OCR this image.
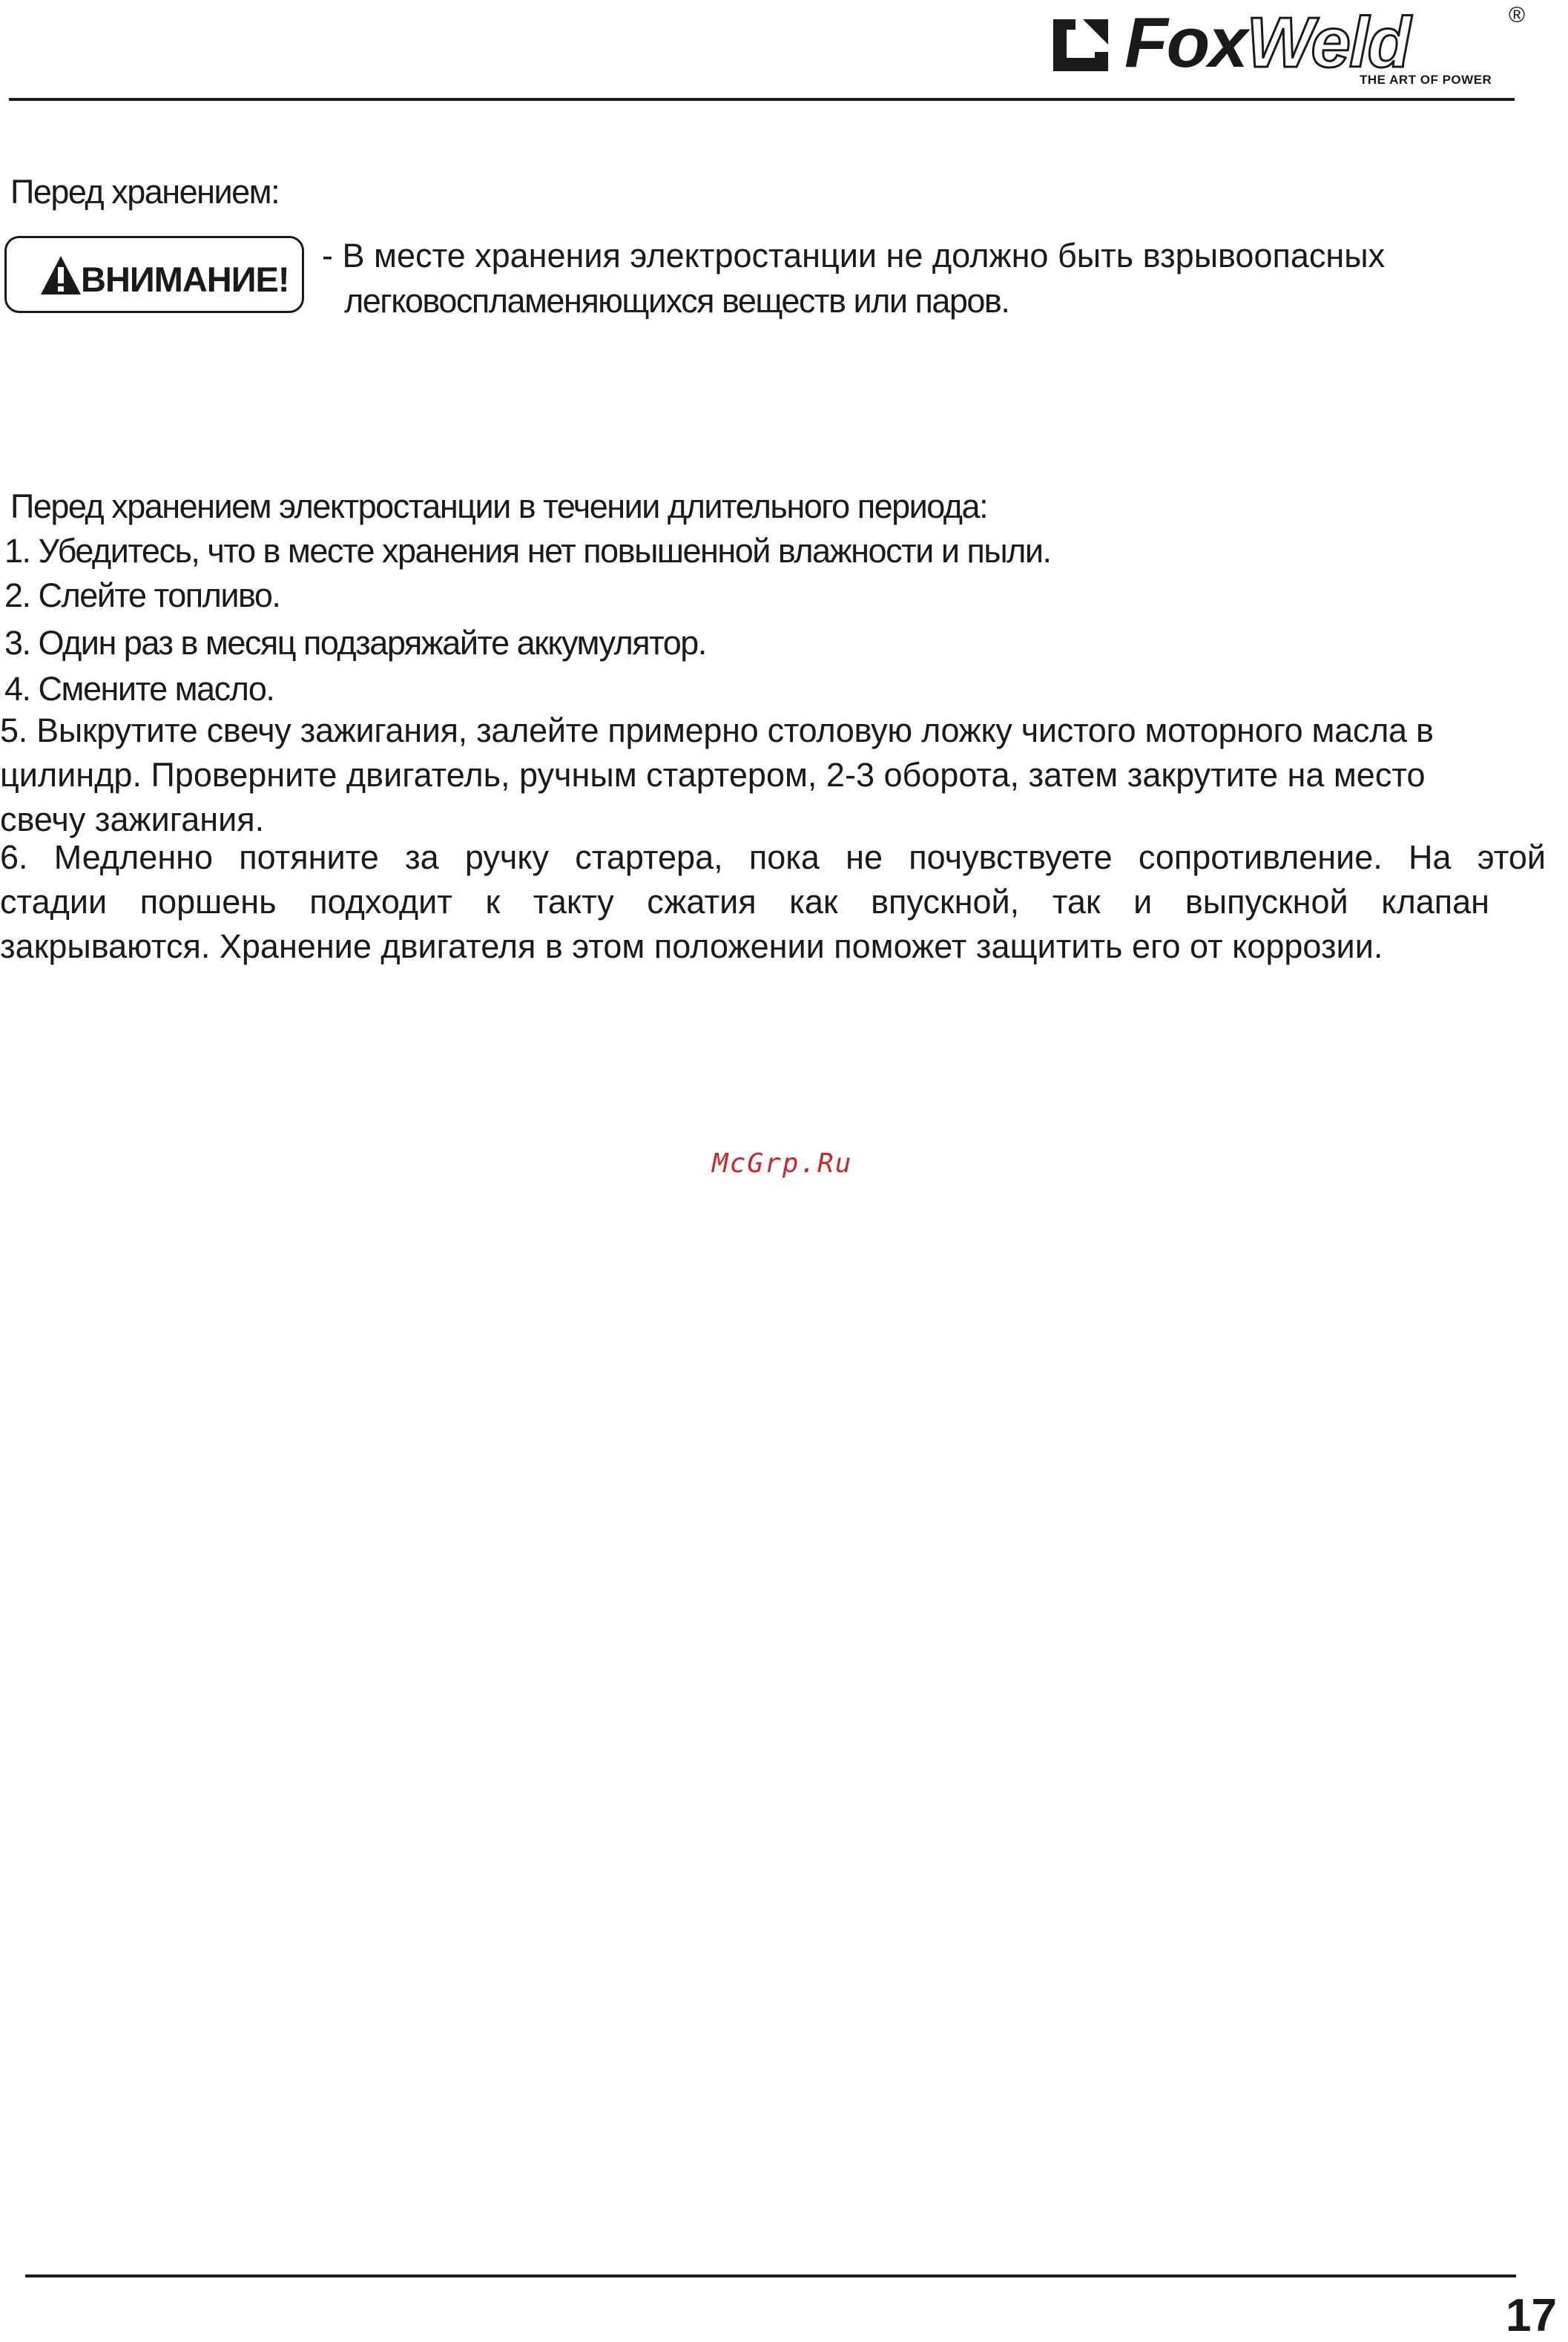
FoxWeld
THE ART OF POWER
®
Перед хранением:
ВНИМАНИЕ!
- В месте хранения электростанции не должно быть взрывоопасных
легковоспламеняющихся веществ или паров.
Перед хранением электростанции в течении длительного периода:
1. Убедитесь, что в месте хранения нет повышенной влажности и пыли.
2. Слейте топливо.
3. Один раз в месяц подзаряжайте аккумулятор.
4. Смените масло.
5. Выкрутите свечу зажигания, залейте примерно столовую ложку чистого моторного масла в
цилиндр. Проверните двигатель, ручным стартером, 2-3 оборота, затем закрутите на место
свечу зажигания.
6. Медленно потяните за ручку стартера, пока не почувствуете сопротивление. На этой
стадии поршень подходит к такту сжатия как впускной, так и выпускной клапан
закрываются. Хранение двигателя в этом положении поможет защитить его от коррозии.
McGrp.Ru
17
